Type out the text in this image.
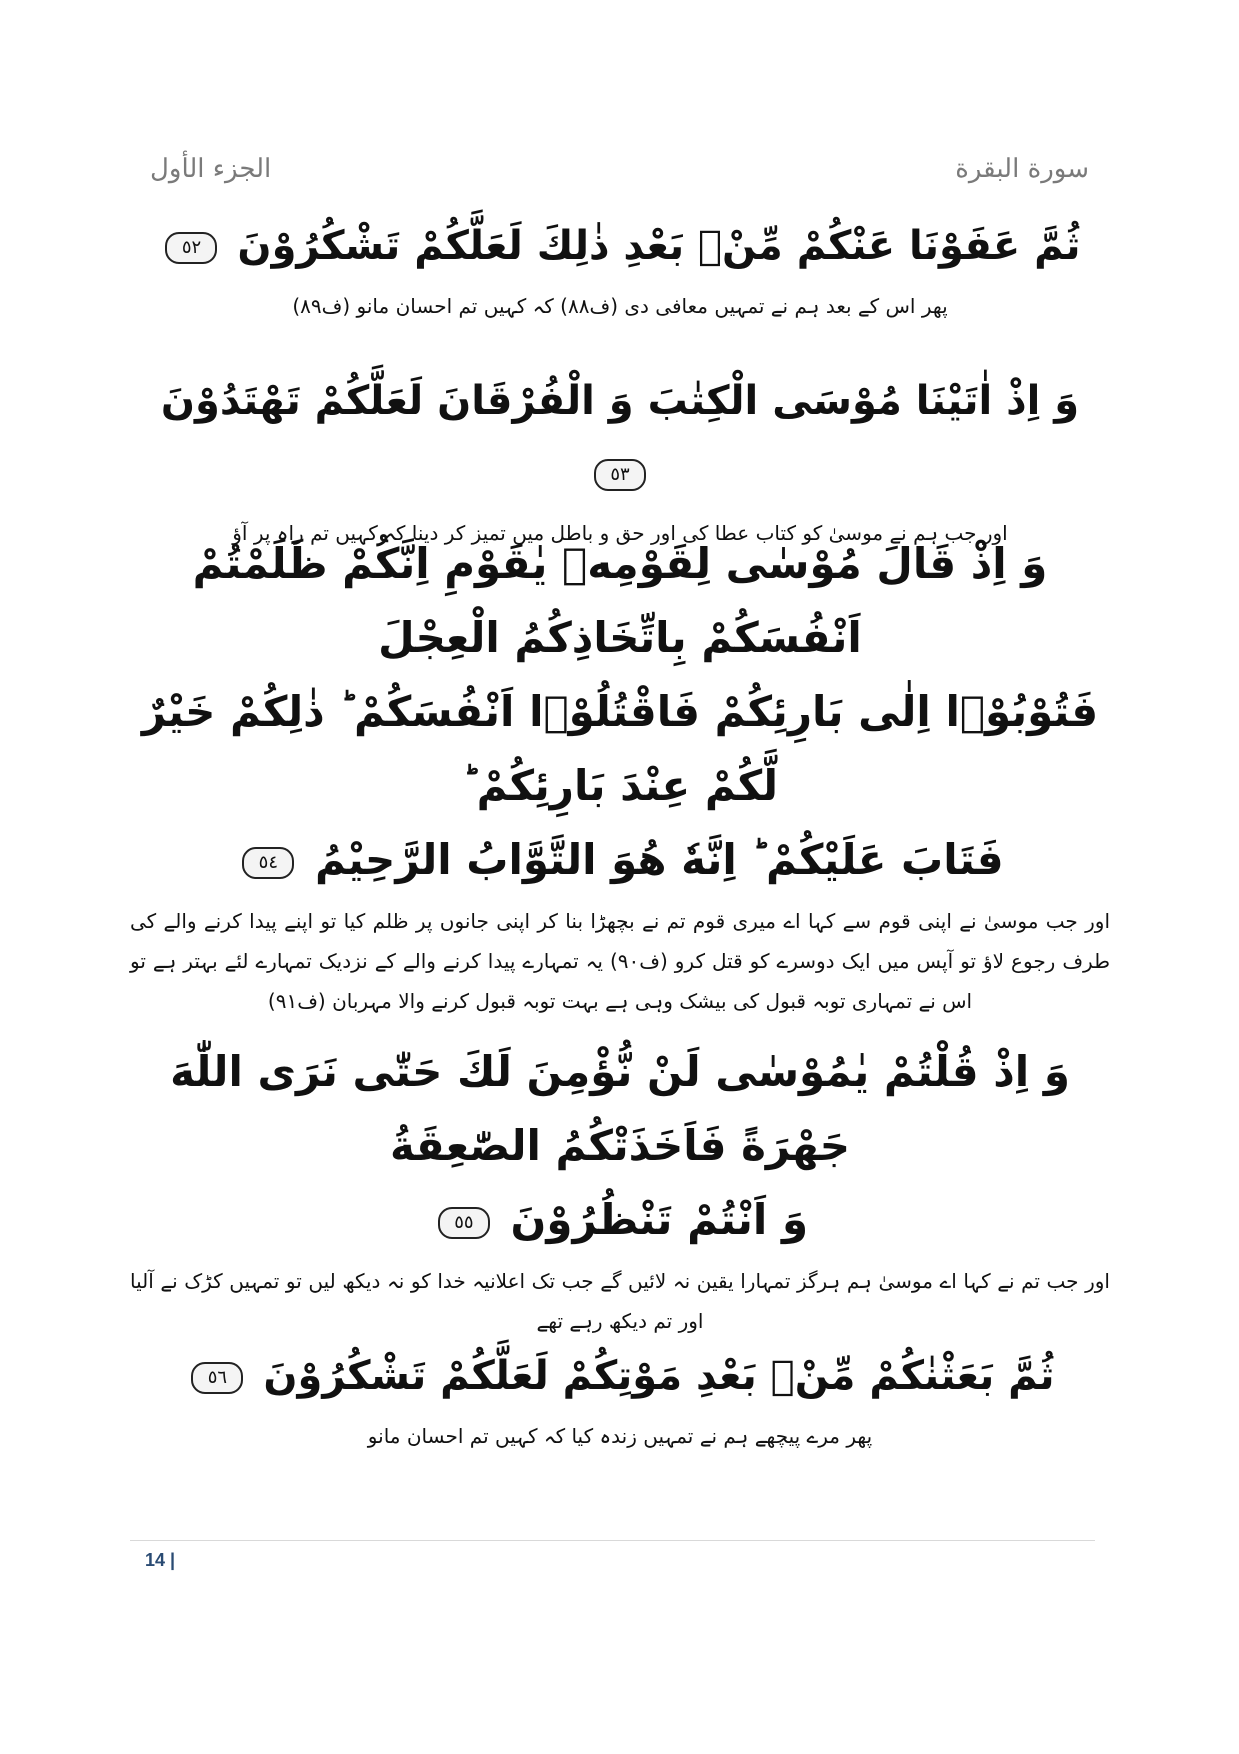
الجزء الأول	سورة البقرة
ثُمَّ عَفَوْنَا عَنْكُمْ مِّنْۢ بَعْدِ ذٰلِكَ لَعَلَّكُمْ تَشْكُرُوْنَ ٥٢
پھر اس کے بعد ہم نے تمہیں معافی دی (ف۸۸) کہ کہیں تم احسان مانو (ف۸۹)
وَ اِذْ اٰتَيْنَا مُوْسَى الْكِتٰبَ وَ الْفُرْقَانَ لَعَلَّكُمْ تَهْتَدُوْنَ ٥٣
اور جب ہم نے موسیٰ کو کتاب عطا کی اور حق و باطل میں تمیز کر دینا کہ کہیں تم راہ پر آؤ
وَ اِذْ قَالَ مُوْسٰى لِقَوْمِهٖ يٰقَوْمِ اِنَّكُمْ ظَلَمْتُمْ اَنْفُسَكُمْ بِاتِّخَاذِكُمُ الْعِجْلَ
فَتُوْبُوْۤا اِلٰى بَارِئِكُمْ فَاقْتُلُوْۤا اَنْفُسَكُمْ ؕ ذٰلِكُمْ خَيْرٌ لَّكُمْ عِنْدَ بَارِئِكُمْ ؕ
فَتَابَ عَلَيْكُمْ ؕ اِنَّهٗ هُوَ التَّوَّابُ الرَّحِيْمُ ٥٤
اور جب موسیٰ نے اپنی قوم سے کہا اے میری قوم تم نے بچھڑا بنا کر اپنی جانوں پر ظلم کیا تو اپنے پیدا کرنے والے کی طرف رجوع لاؤ تو آپس میں ایک دوسرے کو قتل کرو (ف۹۰) یہ تمہارے پیدا کرنے والے کے نزدیک تمہارے لئے بہتر ہے تو اس نے تمہاری توبہ قبول کی بیشک وہی ہے بہت توبہ قبول کرنے والا مہربان (ف۹۱)
وَ اِذْ قُلْتُمْ يٰمُوْسٰى لَنْ نُّؤْمِنَ لَكَ حَتّٰى نَرَى اللّٰهَ جَهْرَةً فَاَخَذَتْكُمُ الصّٰعِقَةُ
وَ اَنْتُمْ تَنْظُرُوْنَ ٥٥
اور جب تم نے کہا اے موسیٰ ہم ہرگز تمہارا یقین نہ لائیں گے جب تک اعلانیہ خدا کو نہ دیکھ لیں تو تمہیں کڑک نے آلیا اور تم دیکھ رہے تھے
ثُمَّ بَعَثْنٰكُمْ مِّنْۢ بَعْدِ مَوْتِكُمْ لَعَلَّكُمْ تَشْكُرُوْنَ ٥٦
پھر مرے پیچھے ہم نے تمہیں زندہ کیا کہ کہیں تم احسان مانو
14 |
